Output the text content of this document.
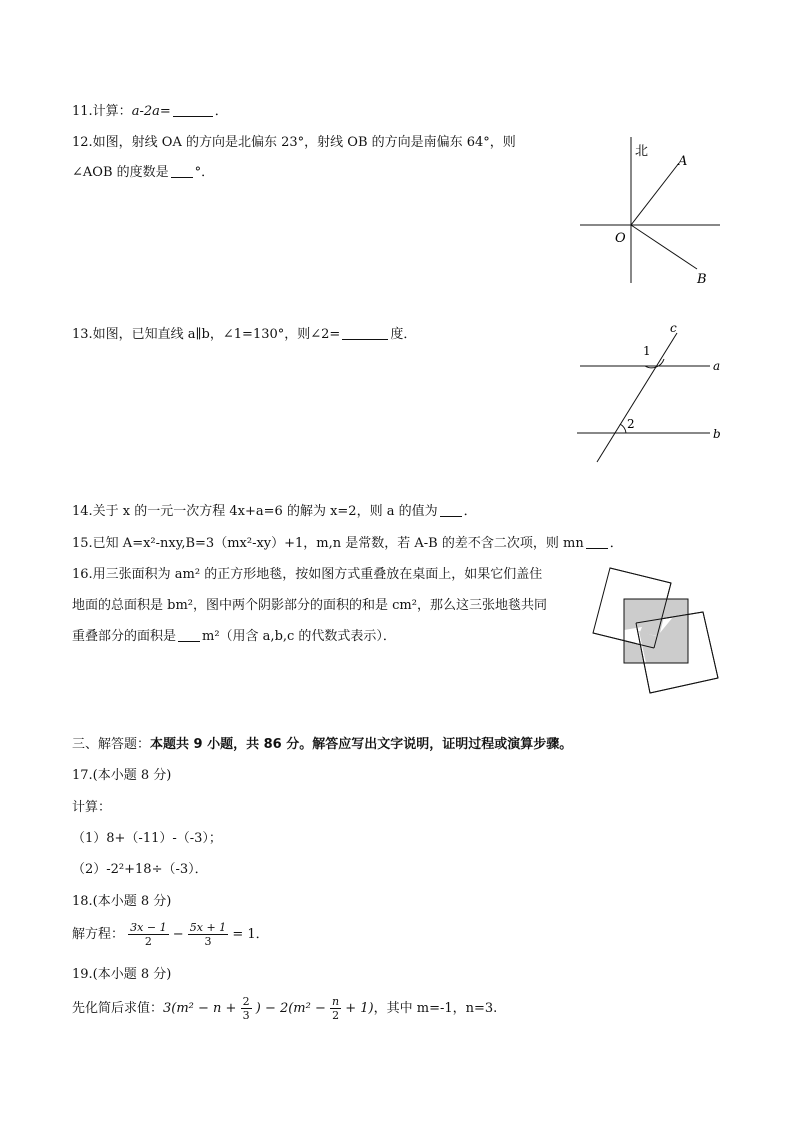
11.计算：a-2a=	．
12.如图，射线 OA 的方向是北偏东 23°，射线 OB 的方向是南偏东 64°，则
∠AOB 的度数是 °．
北
A
O
B
13.如图，已知直线 a∥b，∠1=130°，则∠2=	度．	c
a
b
1
2
14.关于 x 的一元一次方程 4x+a=6 的解为 x=2，则 a 的值为 ．
15.已知 A=x²-nxy,B=3（mx²-xy）+1，m,n 是常数，若 A-B 的差不含二次项，则 mn ．
16.用三张面积为 am² 的正方形地毯，按如图方式重叠放在桌面上，如果它们盖住
地面的总面积是 bm²，图中两个阴影部分的面积的和是 cm²，那么这三张地毯共同
重叠部分的面积是 m²（用含 a,b,c 的代数式表示）．
三、解答题：本题共 9 小题，共 86 分。解答应写出文字说明，证明过程或演算步骤。
17.(本小题 8 分)
计算：
（1）8+（-11）-（-3）；
（2）-2²+18÷（-3）．
18.(本小题 8 分)
解方程： $\frac{3x - 1}{2} - \frac{5x + 1}{3} = 1$．
19.(本小题 8 分)
先化简后求值：$3(m^2 - n + \frac{2}{3}$ ) − $2(m^2 - \frac{n}{2} + 1)$，其中 m=-1，n=3.
